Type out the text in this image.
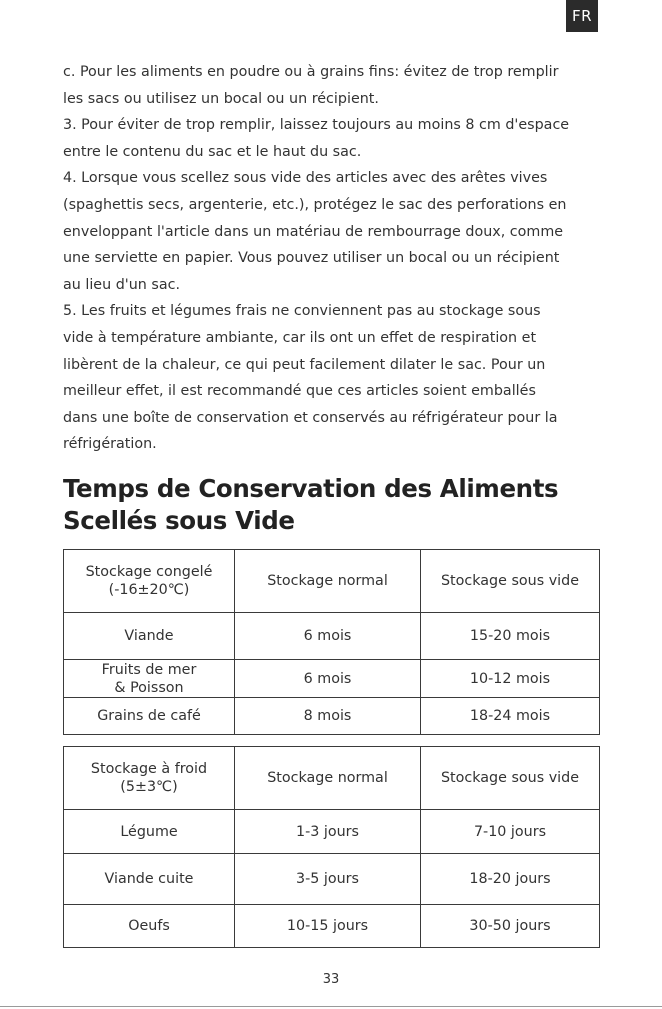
FR
c. Pour les aliments en poudre ou à grains fins: évitez de trop remplir
les sacs ou utilisez un bocal ou un récipient.
3. Pour éviter de trop remplir, laissez toujours au moins 8 cm d'espace
entre le contenu du sac et le haut du sac.
4. Lorsque vous scellez sous vide des articles avec des arêtes vives
(spaghettis secs, argenterie, etc.), protégez le sac des perforations en
enveloppant l'article dans un matériau de rembourrage doux, comme
une serviette en papier. Vous pouvez utiliser un bocal ou un récipient
au lieu d'un sac.
5. Les fruits et légumes frais ne conviennent pas au stockage sous
vide à température ambiante, car ils ont un effet de respiration et
libèrent de la chaleur, ce qui peut facilement dilater le sac. Pour un
meilleur effet, il est recommandé que ces articles soient emballés
dans une boîte de conservation et conservés au réfrigérateur pour la
réfrigération.
Temps de Conservation des Aliments
Scellés sous Vide
Stockage congelé
(-16±20℃)	Stockage normal	Stockage sous vide
Viande	6 mois	15-20 mois

Fruits de mer
& Poisson	6 mois	10-12 mois
Grains de café	8 mois	18-24 mois
Stockage à froid
(5±3℃)	Stockage normal	Stockage sous vide
Légume	1-3 jours	7-10 jours
Viande cuite	3-5 jours	18-20 jours
Oeufs	10-15 jours	30-50 jours
33
